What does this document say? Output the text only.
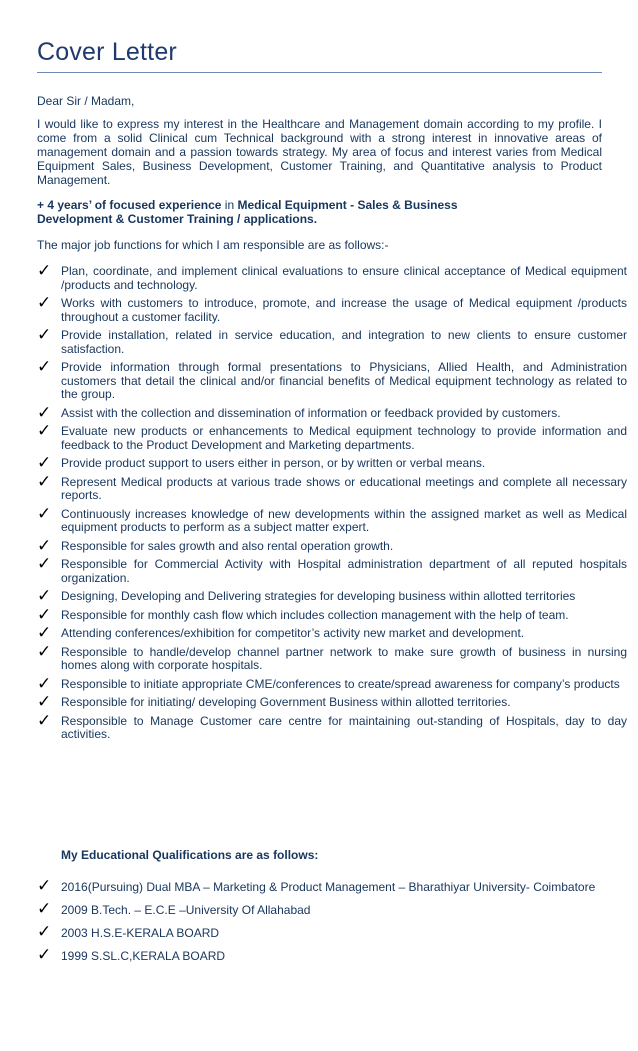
Cover Letter
Dear Sir / Madam,
I would like to express my interest in the Healthcare and Management domain according to my profile. I come from a solid Clinical cum Technical background with a strong interest in innovative areas of management domain and a passion towards strategy. My area of focus and interest varies from Medical Equipment Sales, Business Development, Customer Training, and Quantitative analysis to Product Management.
+ 4 years’ of focused experience in Medical Equipment - Sales & Business Development & Customer Training / applications.
The major job functions for which I am responsible are as follows:-
✓ Plan, coordinate, and implement clinical evaluations to ensure clinical acceptance of Medical equipment /products and technology.
✓ Works with customers to introduce, promote, and increase the usage of Medical equipment /products throughout a customer facility.
✓ Provide installation, related in service education, and integration to new clients to ensure customer satisfaction.
✓ Provide information through formal presentations to Physicians, Allied Health, and Administration customers that detail the clinical and/or financial benefits of Medical equipment technology as related to the group.
✓ Assist with the collection and dissemination of information or feedback provided by customers.
✓ Evaluate new products or enhancements to Medical equipment technology to provide information and feedback to the Product Development and Marketing departments.
✓ Provide product support to users either in person, or by written or verbal means.
✓ Represent Medical products at various trade shows or educational meetings and complete all necessary reports.
✓ Continuously increases knowledge of new developments within the assigned market as well as Medical equipment products to perform as a subject matter expert.
✓ Responsible for sales growth and also rental operation growth.
✓ Responsible for Commercial Activity with Hospital administration department of all reputed hospitals organization.
✓ Designing, Developing and Delivering strategies for developing business within allotted territories
✓ Responsible for monthly cash flow which includes collection management with the help of team.
✓ Attending conferences/exhibition for competitor’s activity new market and development.
✓ Responsible to handle/develop channel partner network to make sure growth of business in nursing homes along with corporate hospitals.
✓ Responsible to initiate appropriate CME/conferences to create/spread awareness for company’s products
✓ Responsible for initiating/ developing Government Business within allotted territories.
✓ Responsible to Manage Customer care centre for maintaining out-standing of Hospitals, day to day activities.
My Educational Qualifications are as follows:
✓ 2016(Pursuing) Dual MBA – Marketing & Product Management – Bharathiyar University- Coimbatore
✓ 2009 B.Tech. – E.C.E –University Of Allahabad
✓ 2003 H.S.E-KERALA BOARD
✓ 1999 S.SL.C,KERALA BOARD
